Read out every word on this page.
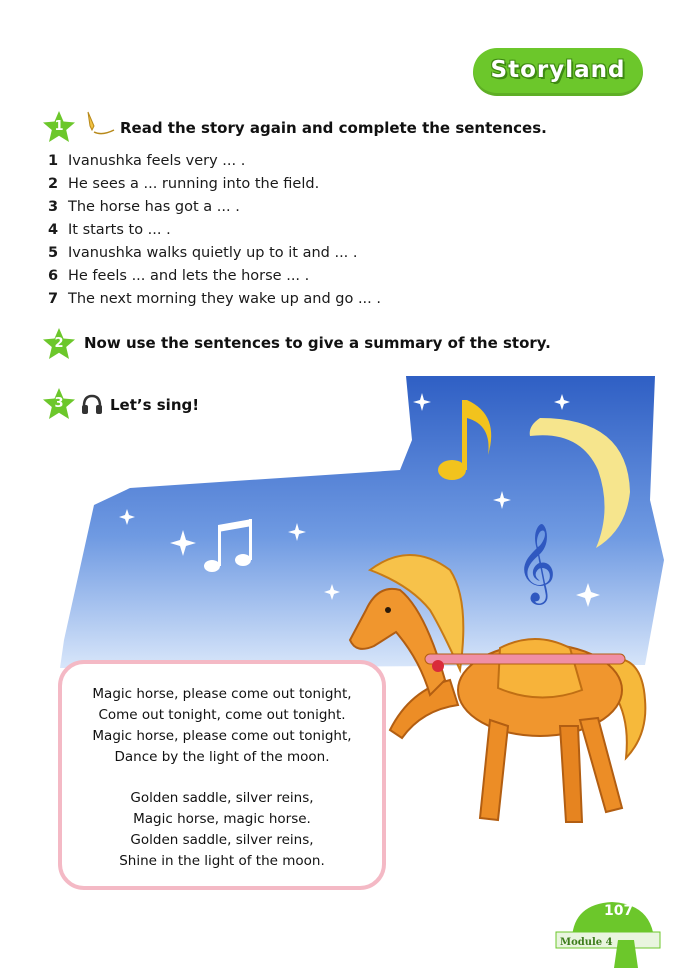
Storyland
1	Read the story again and complete the sentences.
1 Ivanushka feels very ... .
2 He sees a ... running into the field.
3 The horse has got a ... .
4 It starts to ... .
5 Ivanushka walks quietly up to it and ... .
6 He feels ... and lets the horse ... .
7 The next morning they wake up and go ... .
2	Now use the sentences to give a summary of the story.
𝄞
3	Let’s sing!
Magic horse, please come out tonight,
Come out tonight, come out tonight.
Magic horse, please come out tonight,
Dance by the light of the moon.
Golden saddle, silver reins,
Magic horse, magic horse.
Golden saddle, silver reins,
Shine in the light of the moon.
107
Module 4
